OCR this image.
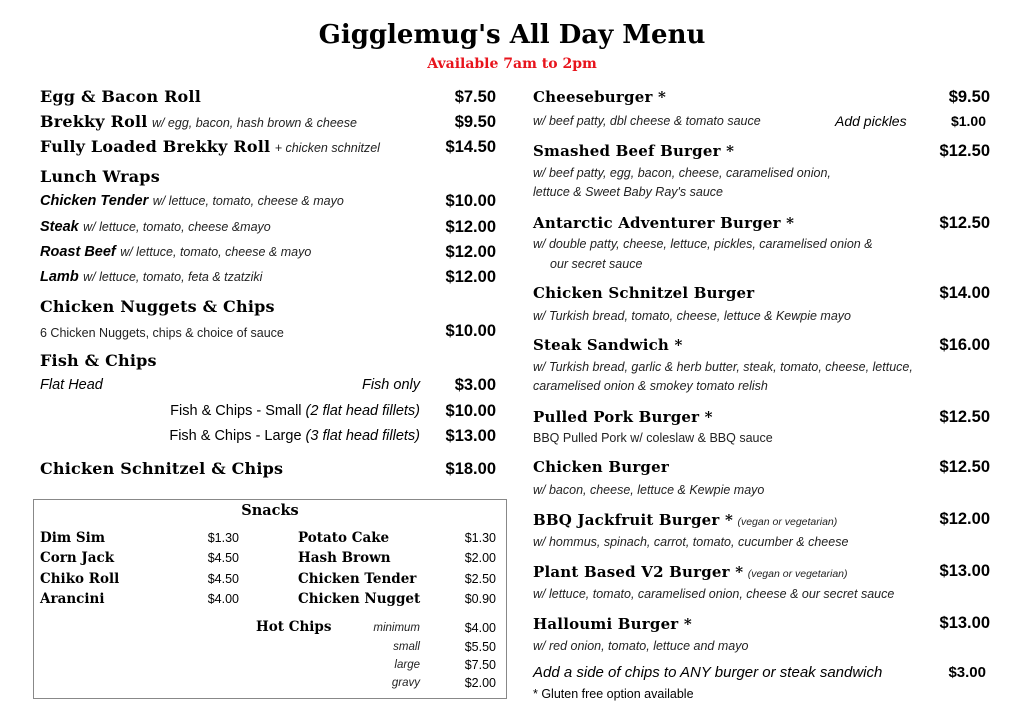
Gigglemug's All Day Menu
Available 7am to 2pm
Egg & Bacon Roll	$7.50
Brekky Roll w/ egg, bacon, hash brown & cheese	$9.50
Fully Loaded Brekky Roll + chicken schnitzel	$14.50
Lunch Wraps
Chicken Tender w/ lettuce, tomato, cheese & mayo	$10.00
Steak w/ lettuce, tomato, cheese &mayo	$12.00
Roast Beef w/ lettuce, tomato, cheese & mayo	$12.00
Lamb w/ lettuce, tomato, feta & tzatziki	$12.00
Chicken Nuggets & Chips
6 Chicken Nuggets, chips & choice of sauce	$10.00
Fish & Chips
Flat Head	Fish only $3.00
Fish & Chips - Small (2 flat head fillets) $10.00
Fish & Chips - Large (3 flat head fillets) $13.00
Chicken Schnitzel & Chips	$18.00
Snacks
Dim Sim	$1.30
Corn Jack	$4.50
Chiko Roll	$4.50
Arancini	$4.00
Potato Cake	$1.30
Hash Brown	$2.00
Chicken Tender	$2.50
Chicken Nugget	$0.90
Hot Chips	minimum	$4.00
small	$5.50
large	$7.50
gravy	$2.00
Cheeseburger *	$9.50
w/ beef patty, dbl cheese & tomato sauce	Add pickles	$1.00
Smashed Beef Burger *	$12.50
w/ beef patty, egg, bacon, cheese, caramelised onion,
lettuce & Sweet Baby Ray's sauce
Antarctic Adventurer Burger *	$12.50
w/ double patty, cheese, lettuce, pickles, caramelised onion &
our secret sauce
Chicken Schnitzel Burger	$14.00
w/ Turkish bread, tomato, cheese, lettuce & Kewpie mayo
Steak Sandwich *	$16.00
w/ Turkish bread, garlic & herb butter, steak, tomato, cheese, lettuce,
caramelised onion & smokey tomato relish
Pulled Pork Burger *	$12.50
BBQ Pulled Pork w/ coleslaw & BBQ sauce
Chicken Burger	$12.50
w/ bacon, cheese, lettuce & Kewpie mayo
BBQ Jackfruit Burger * (vegan or vegetarian)	$12.00
w/ hommus, spinach, carrot, tomato, cucumber & cheese
Plant Based V2 Burger * (vegan or vegetarian)	$13.00
w/ lettuce, tomato, caramelised onion, cheese & our secret sauce
Halloumi Burger *	$13.00
w/ red onion, tomato, lettuce and mayo
Add a side of chips to ANY burger or steak sandwich	$3.00
* Gluten free option available
